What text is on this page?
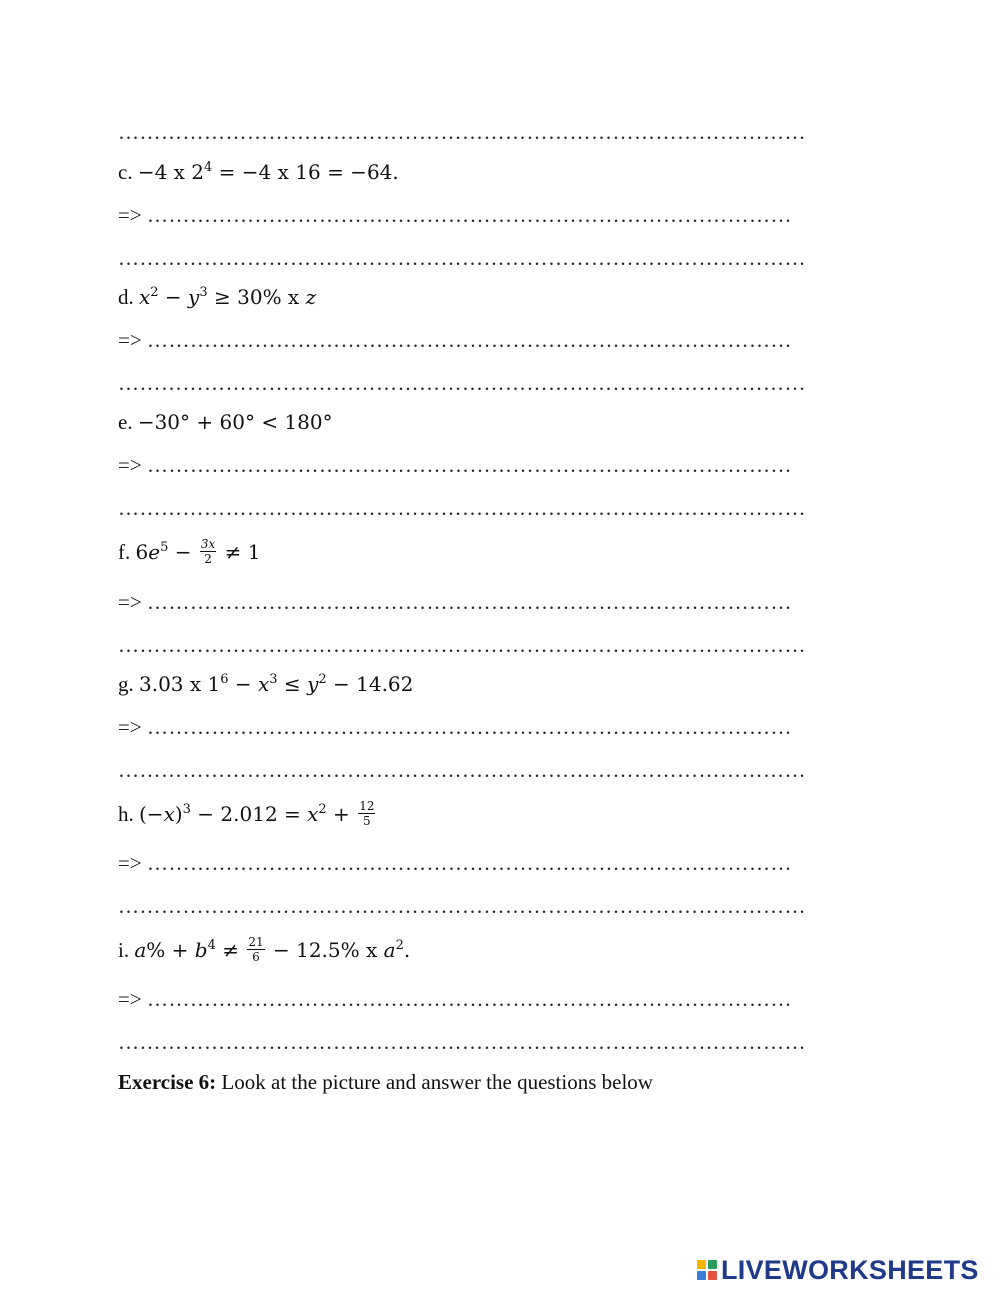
……………………………………………………………………………………
c. −4 x $2^4 = -4$ x 16 = −64.
=> ………………………………………………………………………………
……………………………………………………………………………………
d. $x^2 - y^3 \ge 30\%$ x z
=> ………………………………………………………………………………
……………………………………………………………………………………
e. −30° + 60° < 180°
=> ………………………………………………………………………………
……………………………………………………………………………………
f. $6e^5 - \frac{3x}{2} \ne 1$
=> ………………………………………………………………………………
……………………………………………………………………………………
g. 3.03 x $1^6 - x^3 \le y^2 - 14.62$
=> ………………………………………………………………………………
……………………………………………………………………………………
h. $(-x)^3 - 2.012 = x^2 + \frac{12}{5}$
=> ………………………………………………………………………………
……………………………………………………………………………………
i. $a\% + b^4 \ne \frac{21}{6} - 12.5\%$ x $a^2$.
=> ………………………………………………………………………………
……………………………………………………………………………………
Exercise 6: Look at the picture and answer the questions below
LIVEWORKSHEETS
